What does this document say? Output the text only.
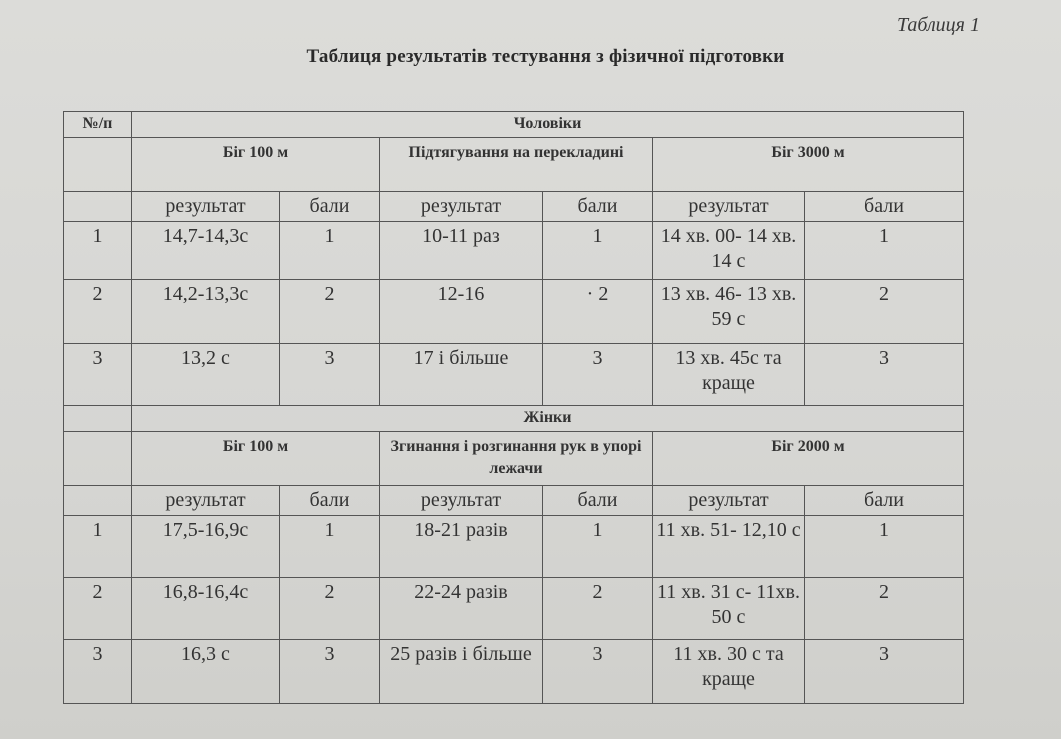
Таблиця 1
Таблиця результатів тестування з фізичної підготовки
№/п	Чоловіки					
	Біг 100 м		Підтягування на перекладині		Біг 3000 м	
	результат	бали	результат	бали	результат	бали
1	14,7-14,3с	1	10-11 раз	1	14 хв. 00- 14 хв. 14 с	1
2	14,2-13,3с	2	12-16	· 2	13 хв. 46- 13 хв. 59 с	2
3	13,2 с	3	17 і більше	3	13 хв. 45с та краще	3
	Жінки					
	Біг 100 м		Згинання і розгинання рук в упорі лежачи		Біг 2000 м	
	результат	бали	результат	бали	результат	бали
1	17,5-16,9с	1	18-21 разів	1	11 хв. 51- 12,10 с	1
2	16,8-16,4с	2	22-24 разів	2	11 хв. 31 с- 11хв. 50 с	2
3	16,3 с	3	25 разів і більше	3	11 хв. 30 с та краще	3
